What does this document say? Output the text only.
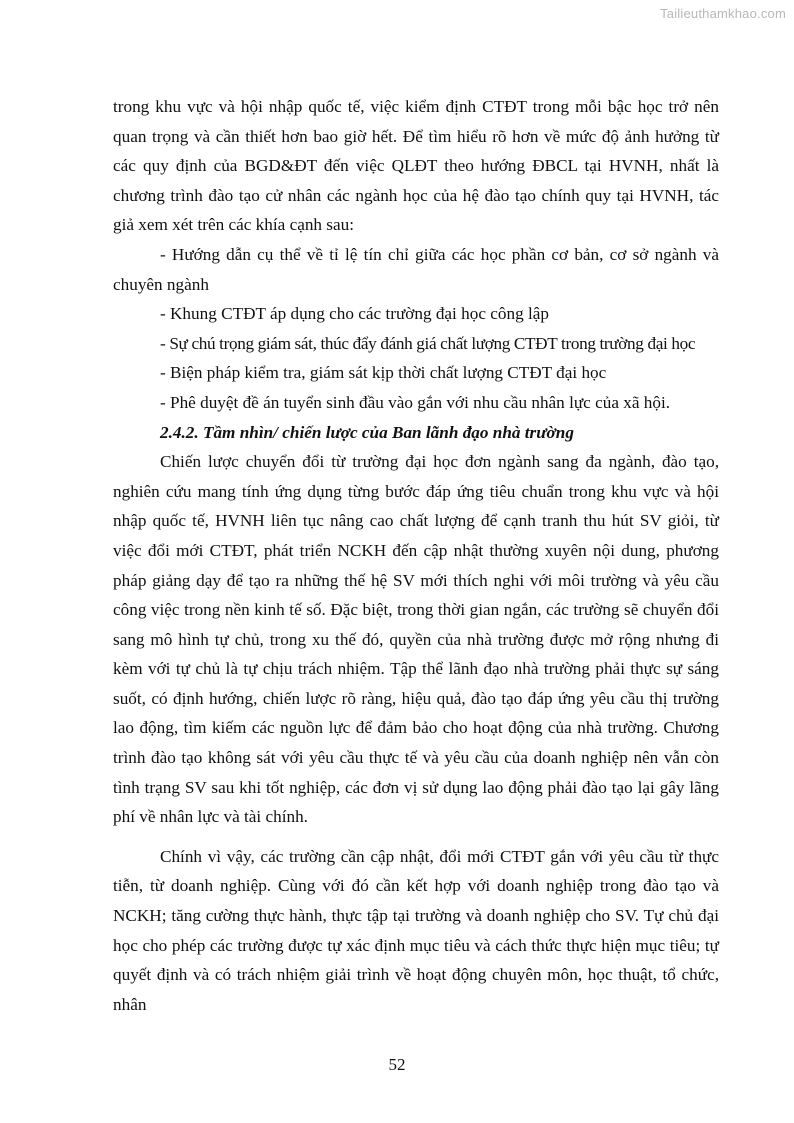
Tailieuthamkhao.com

trong khu vực và hội nhập quốc tế, việc kiểm định CTĐT trong mỗi bậc học trở nên quan trọng và cần thiết hơn bao giờ hết. Để tìm hiểu rõ hơn về mức độ ảnh hưởng từ các quy định của BGD&ĐT đến việc QLĐT theo hướng ĐBCL tại HVNH, nhất là chương trình đào tạo cử nhân các ngành học của hệ đào tạo chính quy tại HVNH, tác giả xem xét trên các khía cạnh sau:

- Hướng dẫn cụ thể về tỉ lệ tín chỉ giữa các học phần cơ bản, cơ sở ngành và chuyên ngành

- Khung CTĐT áp dụng cho các trường đại học công lập

- Sự chú trọng giám sát, thúc đẩy đánh giá chất lượng CTĐT trong trường đại học

- Biện pháp kiểm tra, giám sát kịp thời chất lượng CTĐT đại học

- Phê duyệt đề án tuyển sinh đầu vào gắn với nhu cầu nhân lực của xã hội.

2.4.2. Tầm nhìn/ chiến lược của Ban lãnh đạo nhà trường

Chiến lược chuyển đổi từ trường đại học đơn ngành sang đa ngành, đào tạo, nghiên cứu mang tính ứng dụng từng bước đáp ứng tiêu chuẩn trong khu vực và hội nhập quốc tế, HVNH liên tục nâng cao chất lượng để cạnh tranh thu hút SV giỏi, từ việc đổi mới CTĐT, phát triển NCKH đến cập nhật thường xuyên nội dung, phương pháp giảng dạy để tạo ra những thế hệ SV mới thích nghi với môi trường và yêu cầu công việc trong nền kinh tế số. Đặc biệt, trong thời gian ngắn, các trường sẽ chuyển đổi sang mô hình tự chủ, trong xu thế đó, quyền của nhà trường được mở rộng nhưng đi kèm với tự chủ là tự chịu trách nhiệm. Tập thể lãnh đạo nhà trường phải thực sự sáng suốt, có định hướng, chiến lược rõ ràng, hiệu quả, đào tạo đáp ứng yêu cầu thị trường lao động, tìm kiếm các nguồn lực để đảm bảo cho hoạt động của nhà trường. Chương trình đào tạo không sát với yêu cầu thực tế và yêu cầu của doanh nghiệp nên vẫn còn tình trạng SV sau khi tốt nghiệp, các đơn vị sử dụng lao động phải đào tạo lại gây lãng phí về nhân lực và tài chính.

Chính vì vậy, các trường cần cập nhật, đổi mới CTĐT gắn với yêu cầu từ thực tiễn, từ doanh nghiệp. Cùng với đó cần kết hợp với doanh nghiệp trong đào tạo và NCKH; tăng cường thực hành, thực tập tại trường và doanh nghiệp cho SV. Tự chủ đại học cho phép các trường được tự xác định mục tiêu và cách thức thực hiện mục tiêu; tự quyết định và có trách nhiệm giải trình về hoạt động chuyên môn, học thuật, tổ chức, nhân

52
